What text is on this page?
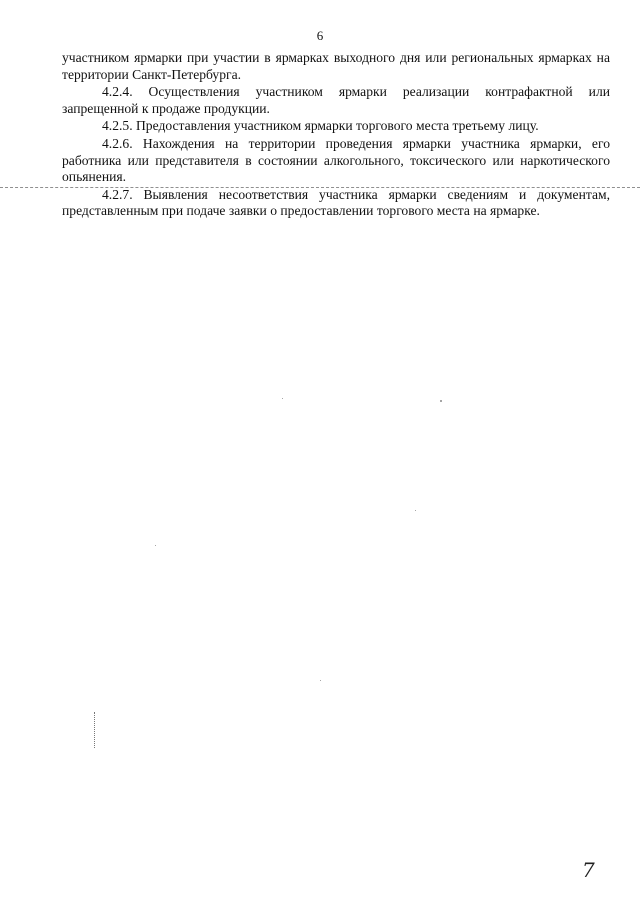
6

участником ярмарки при участии в ярмарках выходного дня или региональных ярмарках на территории Санкт-Петербурга.

4.2.4. Осуществления участником ярмарки реализации контрафактной или запрещенной к продаже продукции.

4.2.5. Предоставления участником ярмарки торгового места третьему лицу.

4.2.6. Нахождения на территории проведения ярмарки участника ярмарки, его работника или представителя в состоянии алкогольного, токсического или наркотического опьянения.

4.2.7. Выявления несоответствия участника ярмарки сведениям и документам, представленным при подаче заявки о предоставлении торгового места на ярмарке.

7
